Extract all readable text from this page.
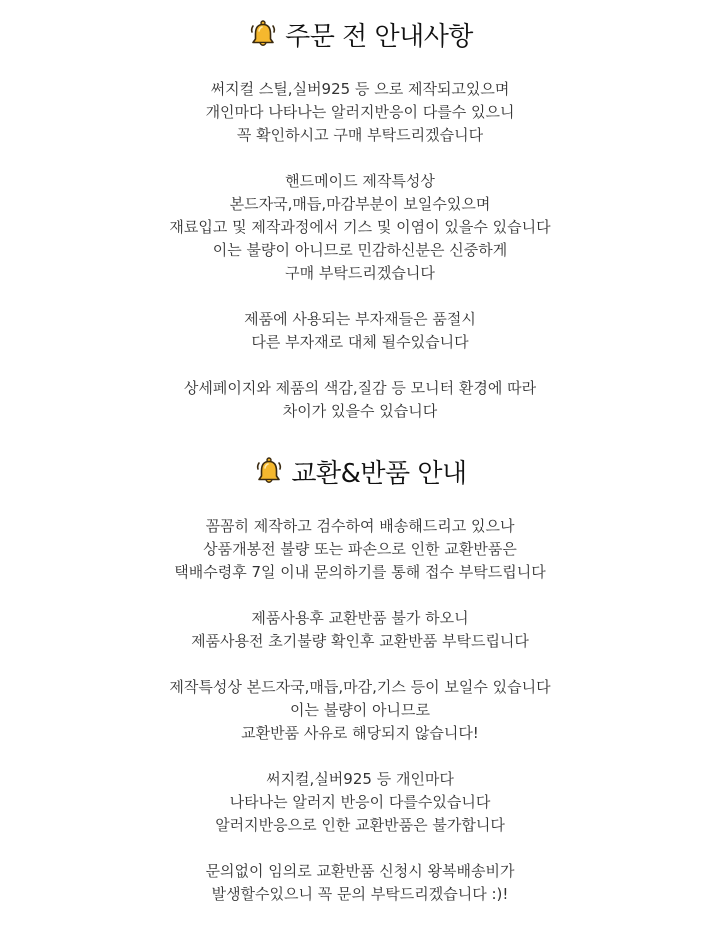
주문 전 안내사항
써지컬 스틸,실버925 등 으로 제작되고있으며
개인마다 나타나는 알러지반응이 다를수 있으니
꼭 확인하시고 구매 부탁드리겠습니다
핸드메이드 제작특성상
본드자국,매듭,마감부분이 보일수있으며
재료입고 및 제작과정에서 기스 및 이염이 있을수 있습니다
이는 불량이 아니므로 민감하신분은 신중하게
구매 부탁드리겠습니다
제품에 사용되는 부자재들은 품절시
다른 부자재로 대체 될수있습니다
상세페이지와 제품의 색감,질감 등 모니터 환경에 따라
차이가 있을수 있습니다
교환&반품 안내
꼼꼼히 제작하고 검수하여 배송해드리고 있으나
상품개봉전 불량 또는 파손으로 인한 교환반품은
택배수령후 7일 이내 문의하기를 통해 접수 부탁드립니다
제품사용후 교환반품 불가 하오니
제품사용전 초기불량 확인후 교환반품 부탁드립니다
제작특성상 본드자국,매듭,마감,기스 등이 보일수 있습니다
이는 불량이 아니므로
교환반품 사유로 해당되지 않습니다!
써지컬,실버925 등 개인마다
나타나는 알러지 반응이 다를수있습니다
알러지반응으로 인한 교환반품은 불가합니다
문의없이 임의로 교환반품 신청시 왕복배송비가
발생할수있으니 꼭 문의 부탁드리겠습니다 :)!
